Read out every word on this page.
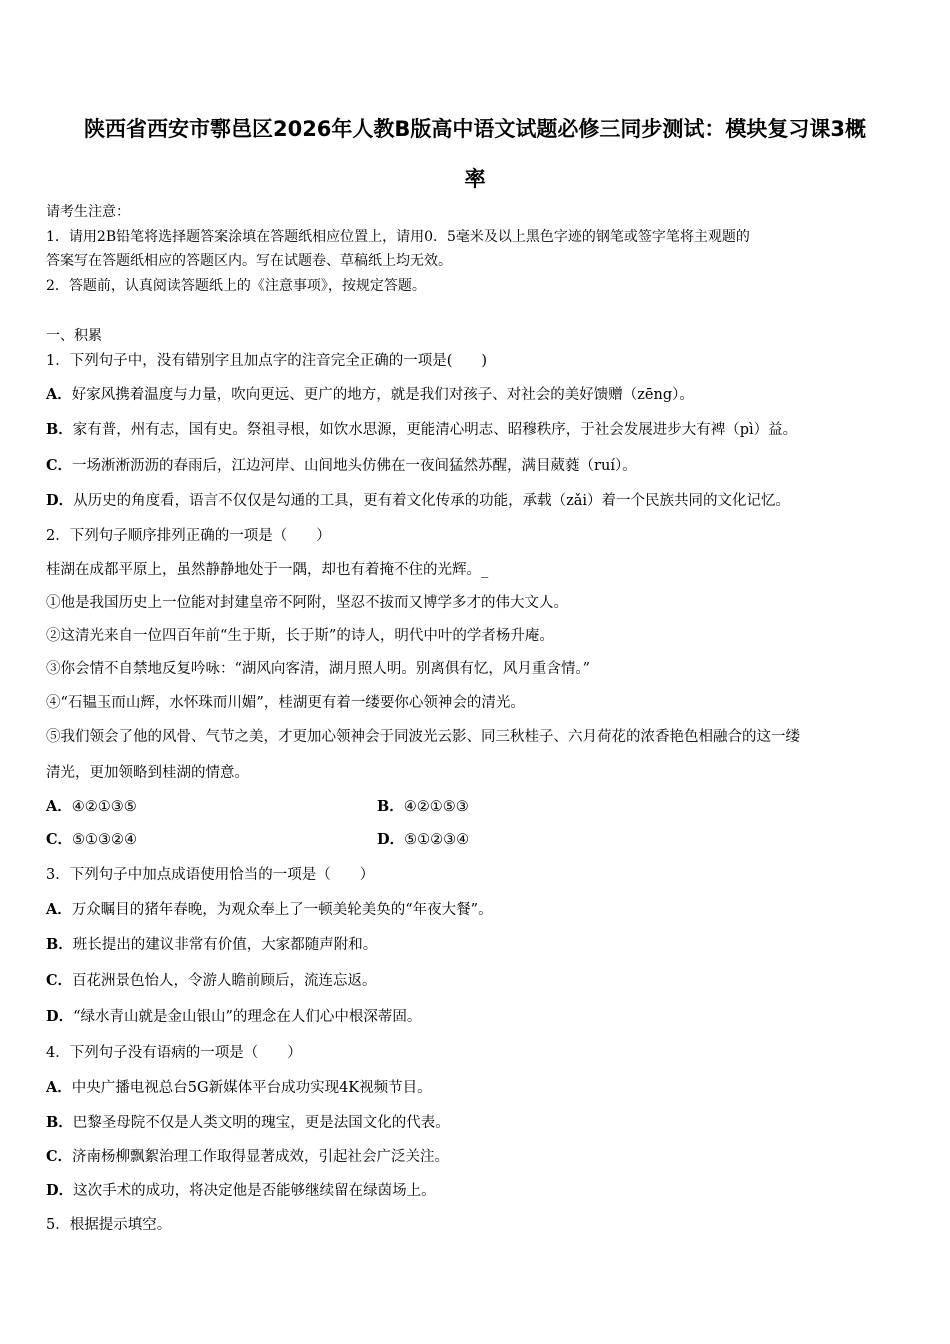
陕西省西安市鄠邑区2026年人教B版高中语文试题必修三同步测试：模块复习课3概
率
请考生注意：
1．请用2B铅笔将选择题答案涂填在答题纸相应位置上，请用0．5毫米及以上黑色字迹的钢笔或签字笔将主观题的
答案写在答题纸相应的答题区内。写在试题卷、草稿纸上均无效。
2．答题前，认真阅读答题纸上的《注意事项》，按规定答题。
一、积累
1．下列句子中，没有错别字且加点字的注音完全正确的一项是(　　)
A．好家风携着温度与力量，吹向更远、更广的地方，就是我们对孩子、对社会的美好馈赠（zēng）。
B．家有普，州有志，国有史。祭祖寻根，如饮水思源，更能清心明志、昭穆秩序，于社会发展进步大有裨（pì）益。
C．一场淅淅沥沥的春雨后，江边河岸、山间地头仿佛在一夜间猛然苏醒，满目葳蕤（ruí）。
D．从历史的角度看，语言不仅仅是勾通的工具，更有着文化传承的功能，承载（zǎi）着一个民族共同的文化记忆。
2．下列句子顺序排列正确的一项是（　　）
桂湖在成都平原上，虽然静静地处于一隅，却也有着掩不住的光辉。_
①他是我国历史上一位能对封建皇帝不阿附，坚忍不拔而又博学多才的伟大文人。
②这清光来自一位四百年前“生于斯，长于斯”的诗人，明代中叶的学者杨升庵。
③你会情不自禁地反复吟咏：“湖风向客清，湖月照人明。别离俱有忆，风月重含情。”
④“石韫玉而山辉，水怀珠而川媚”，桂湖更有着一缕要你心领神会的清光。
⑤我们领会了他的风骨、气节之美，才更加心领神会于同波光云影、同三秋桂子、六月荷花的浓香艳色相融合的这一缕
清光，更加领略到桂湖的情意。
A．④②①③⑤	B．④②①⑤③
C．⑤①③②④	D．⑤①②③④
3．下列句子中加点成语使用恰当的一项是（　　）
A．万众瞩目的猪年春晚，为观众奉上了一顿美轮美奂的“年夜大餐”。
B．班长提出的建议非常有价值，大家都随声附和。
C．百花洲景色怡人，令游人瞻前顾后，流连忘返。
D．“绿水青山就是金山银山”的理念在人们心中根深蒂固。
4．下列句子没有语病的一项是（　　）
A．中央广播电视总台5G新媒体平台成功实现4K视频节目。
B．巴黎圣母院不仅是人类文明的瑰宝，更是法国文化的代表。
C．济南杨柳飘絮治理工作取得显著成效，引起社会广泛关注。
D．这次手术的成功，将决定他是否能够继续留在绿茵场上。
5．根据提示填空。
